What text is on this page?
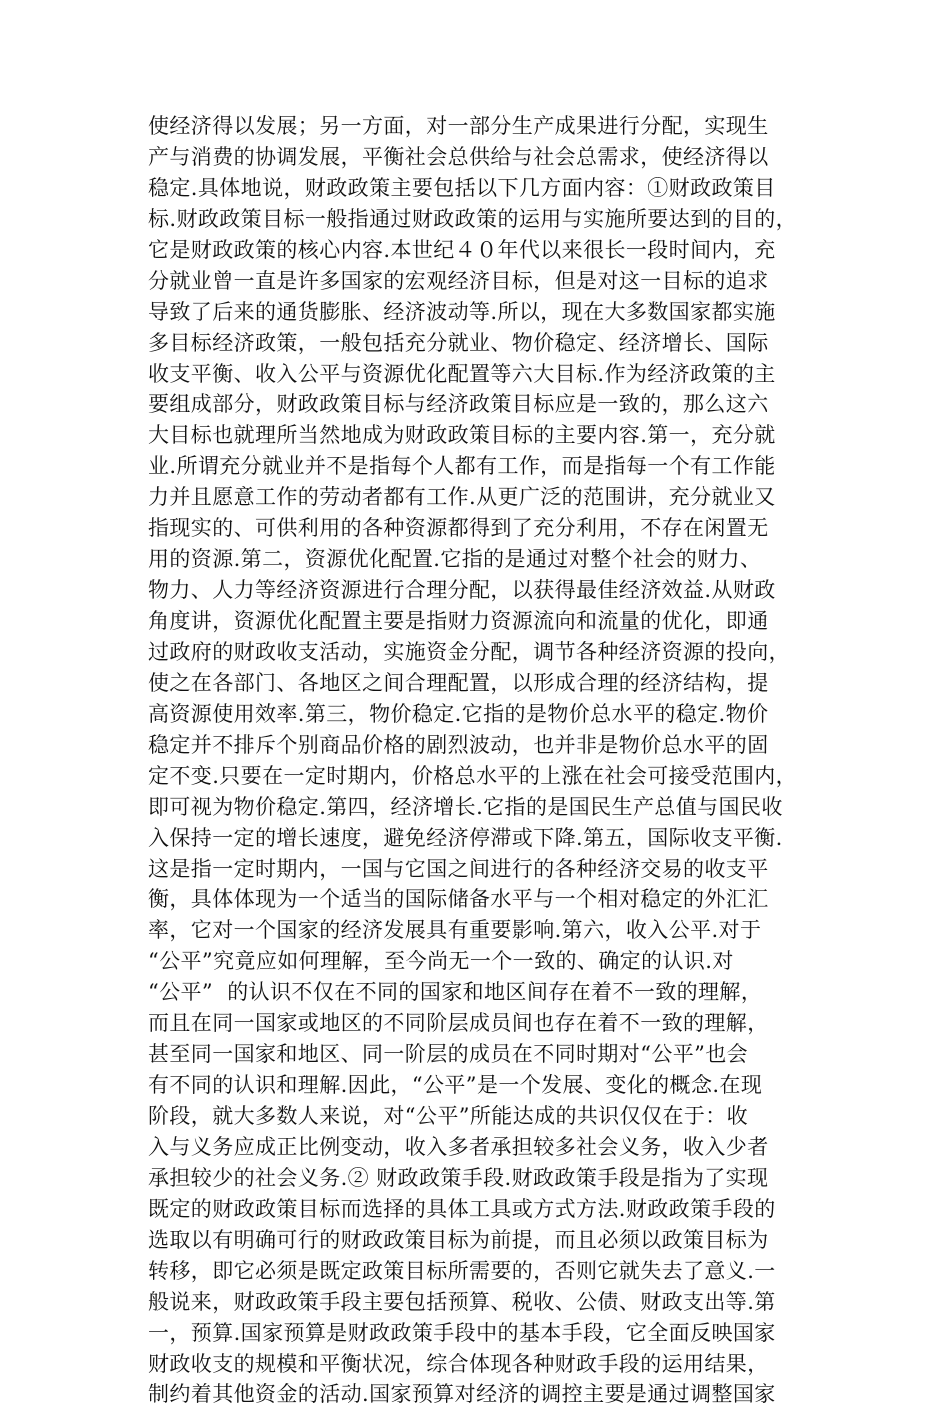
使经济得以发展；另一方面，对一部分生产成果进行分配，实现生
产与消费的协调发展，平衡社会总供给与社会总需求，使经济得以
稳定.具体地说，财政政策主要包括以下几方面内容：①财政政策目
标.财政政策目标一般指通过财政政策的运用与实施所要达到的目的，
它是财政政策的核心内容.本世纪４０年代以来很长一段时间内，充
分就业曾一直是许多国家的宏观经济目标，但是对这一目标的追求
导致了后来的通货膨胀、经济波动等.所以，现在大多数国家都实施
多目标经济政策，一般包括充分就业、物价稳定、经济增长、国际
收支平衡、收入公平与资源优化配置等六大目标.作为经济政策的主
要组成部分，财政政策目标与经济政策目标应是一致的，那么这六
大目标也就理所当然地成为财政政策目标的主要内容.第一，充分就
业.所谓充分就业并不是指每个人都有工作，而是指每一个有工作能
力并且愿意工作的劳动者都有工作.从更广泛的范围讲，充分就业又
指现实的、可供利用的各种资源都得到了充分利用，不存在闲置无
用的资源.第二，资源优化配置.它指的是通过对整个社会的财力、
物力、人力等经济资源进行合理分配，以获得最佳经济效益.从财政
角度讲，资源优化配置主要是指财力资源流向和流量的优化，即通
过政府的财政收支活动，实施资金分配，调节各种经济资源的投向，
使之在各部门、各地区之间合理配置，以形成合理的经济结构，提
高资源使用效率.第三，物价稳定.它指的是物价总水平的稳定.物价
稳定并不排斥个别商品价格的剧烈波动，也并非是物价总水平的固
定不变.只要在一定时期内，价格总水平的上涨在社会可接受范围内，
即可视为物价稳定.第四，经济增长.它指的是国民生产总值与国民收
入保持一定的增长速度，避免经济停滞或下降.第五，国际收支平衡.
这是指一定时期内，一国与它国之间进行的各种经济交易的收支平
衡，具体体现为一个适当的国际储备水平与一个相对稳定的外汇汇
率，它对一个国家的经济发展具有重要影响.第六，收入公平.对于
“公平”究竟应如何理解，至今尚无一个一致的、确定的认识.对
“公平”  的认识不仅在不同的国家和地区间存在着不一致的理解，
而且在同一国家或地区的不同阶层成员间也存在着不一致的理解，
甚至同一国家和地区、同一阶层的成员在不同时期对“公平”也会
有不同的认识和理解.因此，“公平”是一个发展、变化的概念.在现
阶段，就大多数人来说，对“公平”所能达成的共识仅仅在于：收
入与义务应成正比例变动，收入多者承担较多社会义务，收入少者
承担较少的社会义务.② 财政政策手段.财政政策手段是指为了实现
既定的财政政策目标而选择的具体工具或方式方法.财政政策手段的
选取以有明确可行的财政政策目标为前提，而且必须以政策目标为
转移，即它必须是既定政策目标所需要的，否则它就失去了意义.一
般说来，财政政策手段主要包括预算、税收、公债、财政支出等.第
一，预算.国家预算是财政政策手段中的基本手段，它全面反映国家
财政收支的规模和平衡状况，综合体现各种财政手段的运用结果，
制约着其他资金的活动.国家预算对经济的调控主要是通过调整国家
